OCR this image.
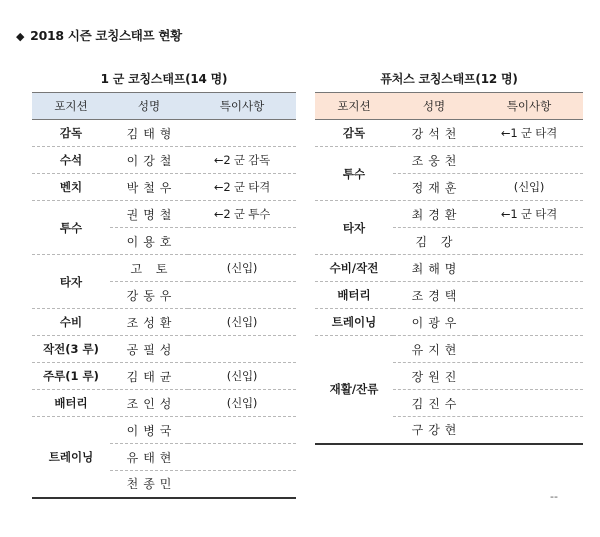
◆ 2018 시즌 코칭스태프 현황
1 군 코칭스태프(14 명)	퓨처스 코칭스태프(12 명)
포지션	성명	특이사항
감독	김태형	
수석	이강철	←2 군 감독
벤치	박철우	←2 군 타격
투수	권명철	←2 군 투수
	이용호	
타자	고 토	(신입)
	강동우	
수비	조성환	(신입)
작전(3 루)	공필성	
주루(1 루)	김태균	(신입)
배터리	조인성	(신입)
트레이닝	이병국	
	유태현	
	천종민	
포지션	성명	특이사항
감독	강석천	←1 군 타격
투수	조웅천	
	정재훈	(신입)
타자	최경환	←1 군 타격
	김 강	
수비/작전	최해명	
배터리	조경택	
트레이닝	이광우	
재활/잔류	유지현	
	장원진	
	김진수	
	구강현	
--
